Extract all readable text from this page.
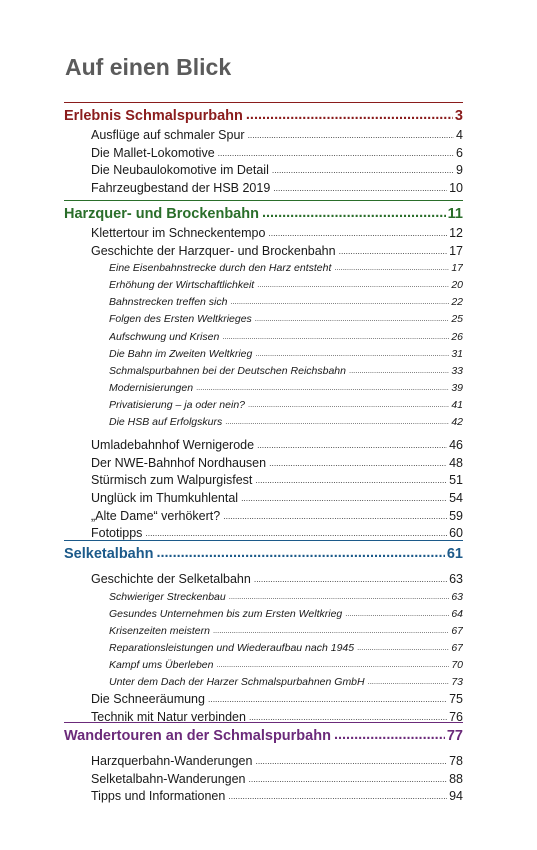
Auf einen Blick
Erlebnis Schmalspurbahn .....	3
Ausflüge auf schmaler Spur .....	4
Die Mallet-Lokomotive .....	6
Die Neubaulokomotive im Detail .....	9
Fahrzeugbestand der HSB 2019 .....	10
Harzquer- und Brockenbahn .....	11
Klettertour im Schneckentempo .....	12
Geschichte der Harzquer- und Brockenbahn .....	17
Eine Eisenbahnstrecke durch den Harz entsteht .....	17
Erhöhung der Wirtschaftlichkeit .....	20
Bahnstrecken treffen sich .....	22
Folgen des Ersten Weltkrieges .....	25
Aufschwung und Krisen .....	26
Die Bahn im Zweiten Weltkrieg .....	31
Schmalspurbahnen bei der Deutschen Reichsbahn .....	33
Modernisierungen .....	39
Privatisierung – ja oder nein? .....	41
Die HSB auf Erfolgskurs .....	42
Umladebahnhof Wernigerode .....	46
Der NWE-Bahnhof Nordhausen .....	48
Stürmisch zum Walpurgisfest .....	51
Unglück im Thumkuhlental .....	54
„Alte Dame“ verhökert? .....	59
Fototipps .....	60
Selketalbahn .....	61
Geschichte der Selketalbahn .....	63
Schwieriger Streckenbau .....	63
Gesundes Unternehmen bis zum Ersten Weltkrieg .....	64
Krisenzeiten meistern .....	67
Reparationsleistungen und Wiederaufbau nach 1945 .....	67
Kampf ums Überleben .....	70
Unter dem Dach der Harzer Schmalspurbahnen GmbH .....	73
Die Schneeräumung .....	75
Technik mit Natur verbinden .....	76
Wandertouren an der Schmalspurbahn .....	77
Harzquerbahn-Wanderungen .....	78
Selketalbahn-Wanderungen .....	88
Tipps und Informationen .....	94
